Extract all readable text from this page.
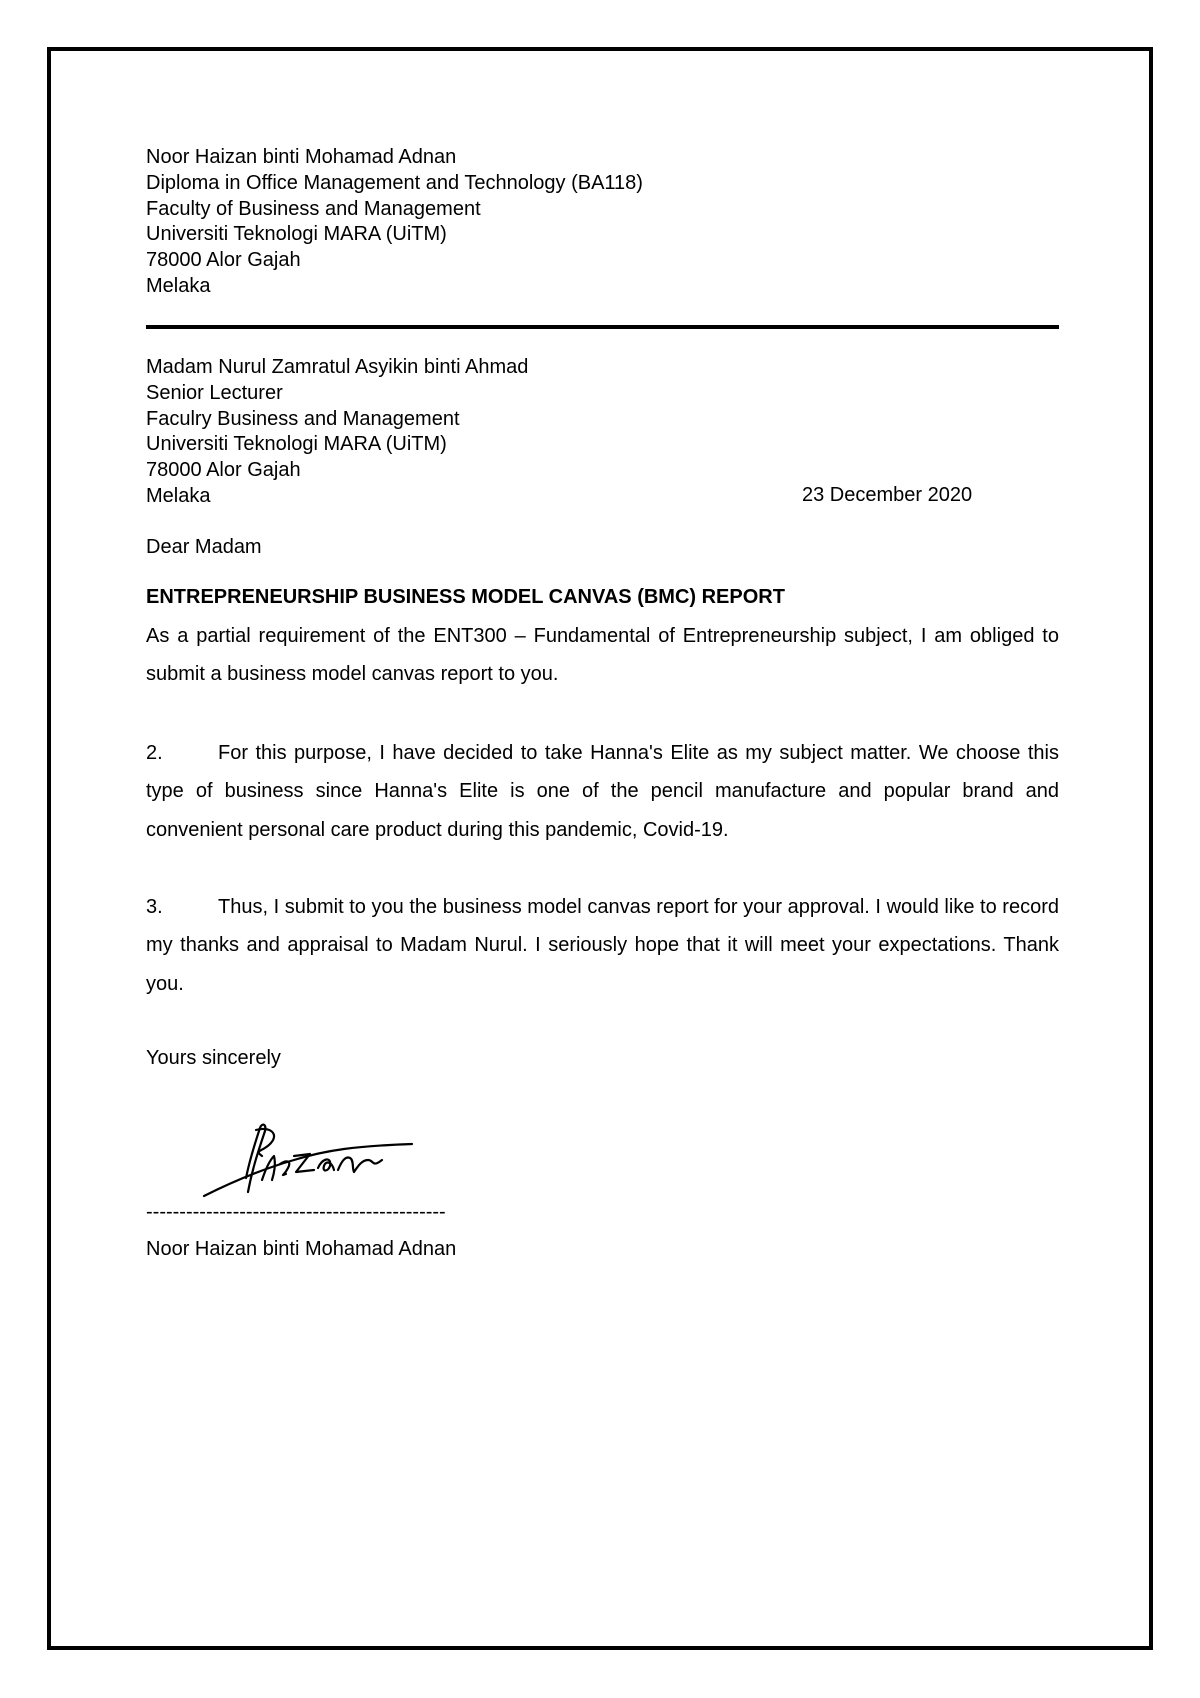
Noor Haizan binti Mohamad Adnan
Diploma in Office Management and Technology (BA118)
Faculty of Business and Management
Universiti Teknologi MARA (UiTM)
78000 Alor Gajah
Melaka
Madam Nurul Zamratul Asyikin binti Ahmad
Senior Lecturer
Faculry Business and Management
Universiti Teknologi MARA (UiTM)
78000 Alor Gajah
Melaka	23 December 2020
Dear Madam
ENTREPRENEURSHIP BUSINESS MODEL CANVAS (BMC) REPORT

As a partial requirement of the ENT300 – Fundamental of Entrepreneurship subject, I am obliged to submit a business model canvas report to you.

2.	For this purpose, I have decided to take Hanna's Elite as my subject matter. We choose this type of business since Hanna's Elite is one of the pencil manufacture and popular brand and convenient personal care product during this pandemic, Covid-19.

3.	Thus, I submit to you the business model canvas report for your approval. I would like to record my thanks and appraisal to Madam Nurul. I seriously hope that it will meet your expectations. Thank you.

Yours sincerely
---------------------------------------------
Noor Haizan binti Mohamad Adnan
